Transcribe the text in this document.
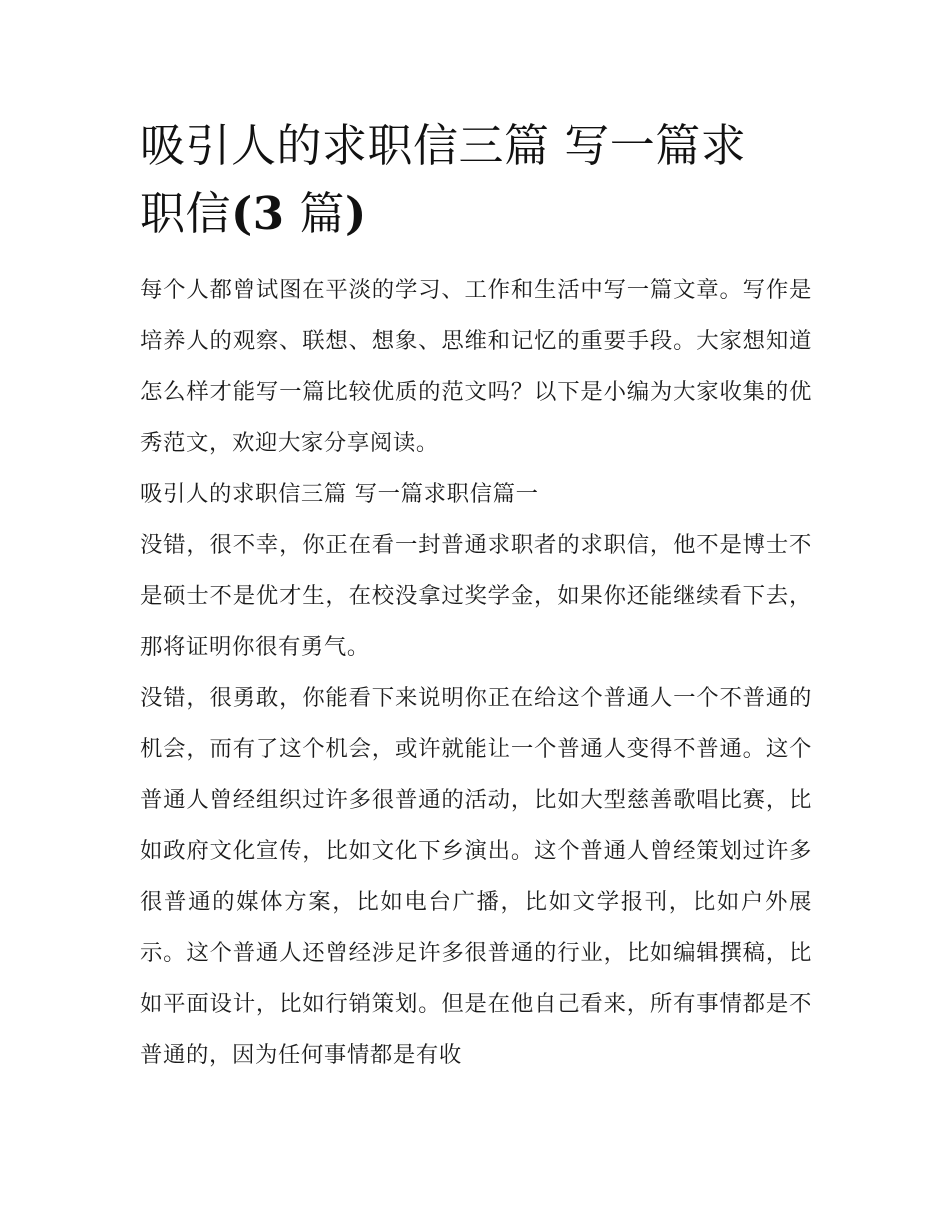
吸引人的求职信三篇 写一篇求
职信(3 篇)

每个人都曾试图在平淡的学习、工作和生活中写一篇文章。写作是培养人的观察、联想、想象、思维和记忆的重要手段。大家想知道怎么样才能写一篇比较优质的范文吗？以下是小编为大家收集的优秀范文，欢迎大家分享阅读。

吸引人的求职信三篇 写一篇求职信篇一

没错，很不幸，你正在看一封普通求职者的求职信，他不是博士不是硕士不是优才生，在校没拿过奖学金，如果你还能继续看下去，那将证明你很有勇气。

没错，很勇敢，你能看下来说明你正在给这个普通人一个不普通的机会，而有了这个机会，或许就能让一个普通人变得不普通。这个普通人曾经组织过许多很普通的活动，比如大型慈善歌唱比赛，比如政府文化宣传，比如文化下乡演出。这个普通人曾经策划过许多很普通的媒体方案，比如电台广播，比如文学报刊，比如户外展示。这个普通人还曾经涉足许多很普通的行业，比如编辑撰稿，比如平面设计，比如行销策划。但是在他自己看来，所有事情都是不普通的，因为任何事情都是有收
